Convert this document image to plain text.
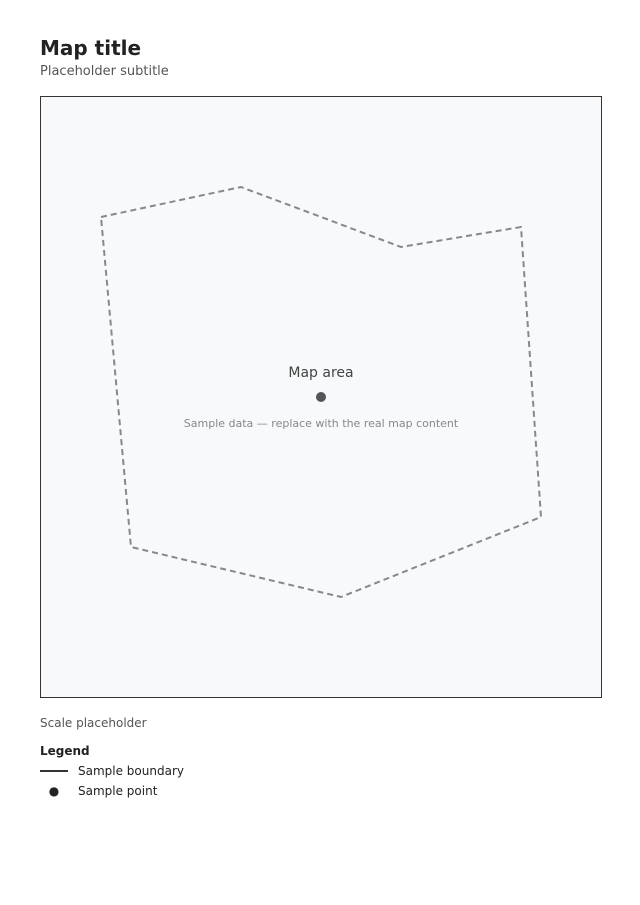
Map title
Placeholder subtitle
Map area
Sample data — replace with the real map content
Scale placeholder
Legend
Sample boundary
●	Sample point
